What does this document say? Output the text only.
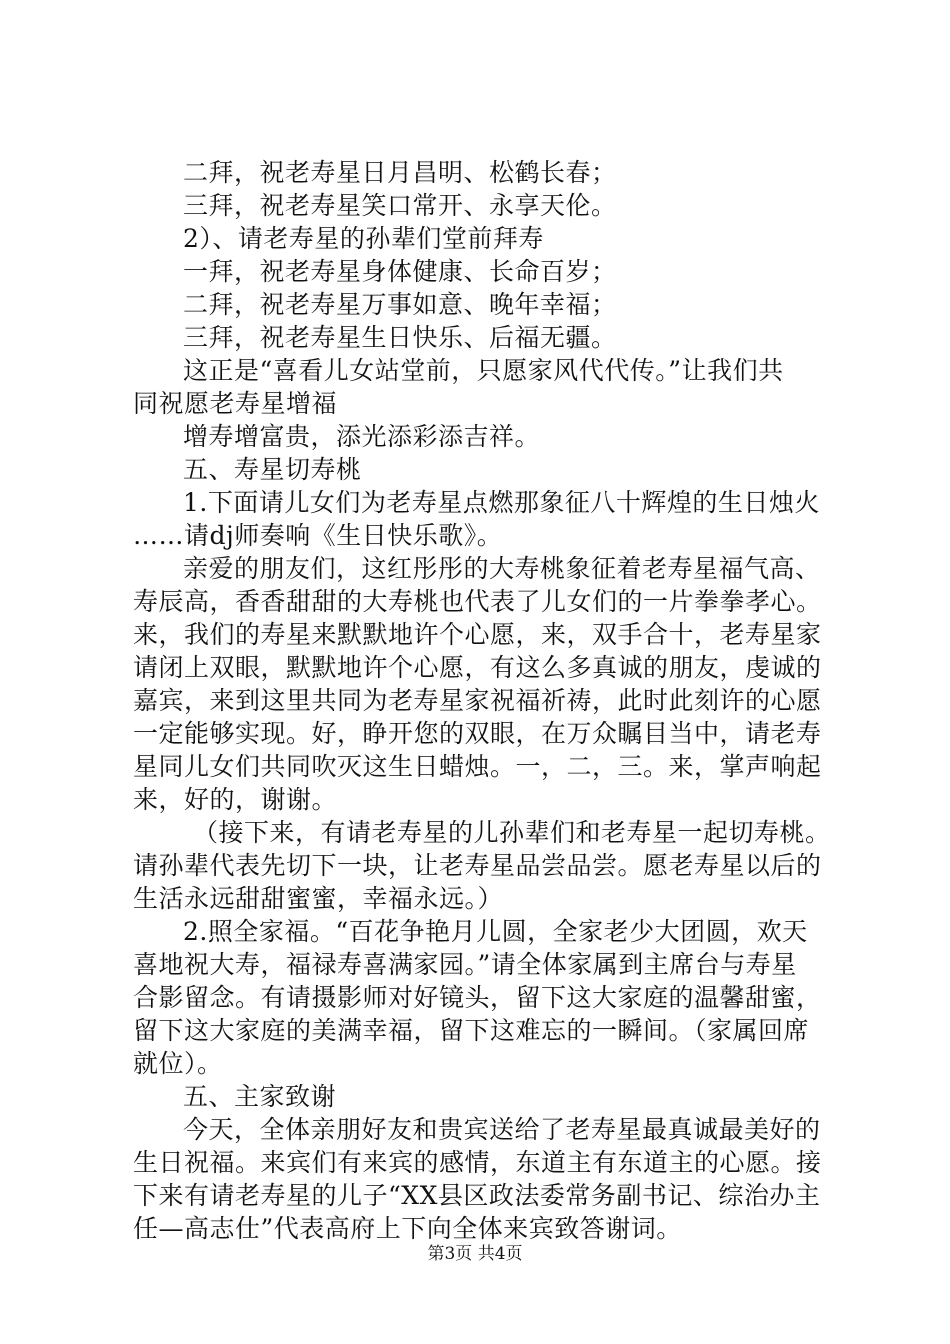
二拜，祝老寿星日月昌明、松鹤长春；
三拜，祝老寿星笑口常开、永享天伦。
2）、请老寿星的孙辈们堂前拜寿
一拜，祝老寿星身体健康、长命百岁；
二拜，祝老寿星万事如意、晚年幸福；
三拜，祝老寿星生日快乐、后福无疆。
这正是“喜看儿女站堂前，只愿家风代代传。”让我们共
同祝愿老寿星增福
增寿增富贵，添光添彩添吉祥。
五、寿星切寿桃
1.下面请儿女们为老寿星点燃那象征八十辉煌的生日烛火
……请dj师奏响《生日快乐歌》。
亲爱的朋友们，这红彤彤的大寿桃象征着老寿星福气高、
寿辰高，香香甜甜的大寿桃也代表了儿女们的一片拳拳孝心。
来，我们的寿星来默默地许个心愿，来，双手合十，老寿星家
请闭上双眼，默默地许个心愿，有这么多真诚的朋友，虔诚的
嘉宾，来到这里共同为老寿星家祝福祈祷，此时此刻许的心愿
一定能够实现。好，睁开您的双眼，在万众瞩目当中，请老寿
星同儿女们共同吹灭这生日蜡烛。一，二，三。来，掌声响起
来，好的，谢谢。
（接下来，有请老寿星的儿孙辈们和老寿星一起切寿桃。
请孙辈代表先切下一块，让老寿星品尝品尝。愿老寿星以后的
生活永远甜甜蜜蜜，幸福永远。）
2.照全家福。“百花争艳月儿圆，全家老少大团圆，欢天
喜地祝大寿，福禄寿喜满家园。”请全体家属到主席台与寿星
合影留念。有请摄影师对好镜头，留下这大家庭的温馨甜蜜，
留下这大家庭的美满幸福，留下这难忘的一瞬间。（家属回席
就位）。
五、主家致谢
今天，全体亲朋好友和贵宾送给了老寿星最真诚最美好的
生日祝福。来宾们有来宾的感情，东道主有东道主的心愿。接
下来有请老寿星的儿子“XX县区政法委常务副书记、综治办主
任—高志仕”代表高府上下向全体来宾致答谢词。
第3页 共4页
